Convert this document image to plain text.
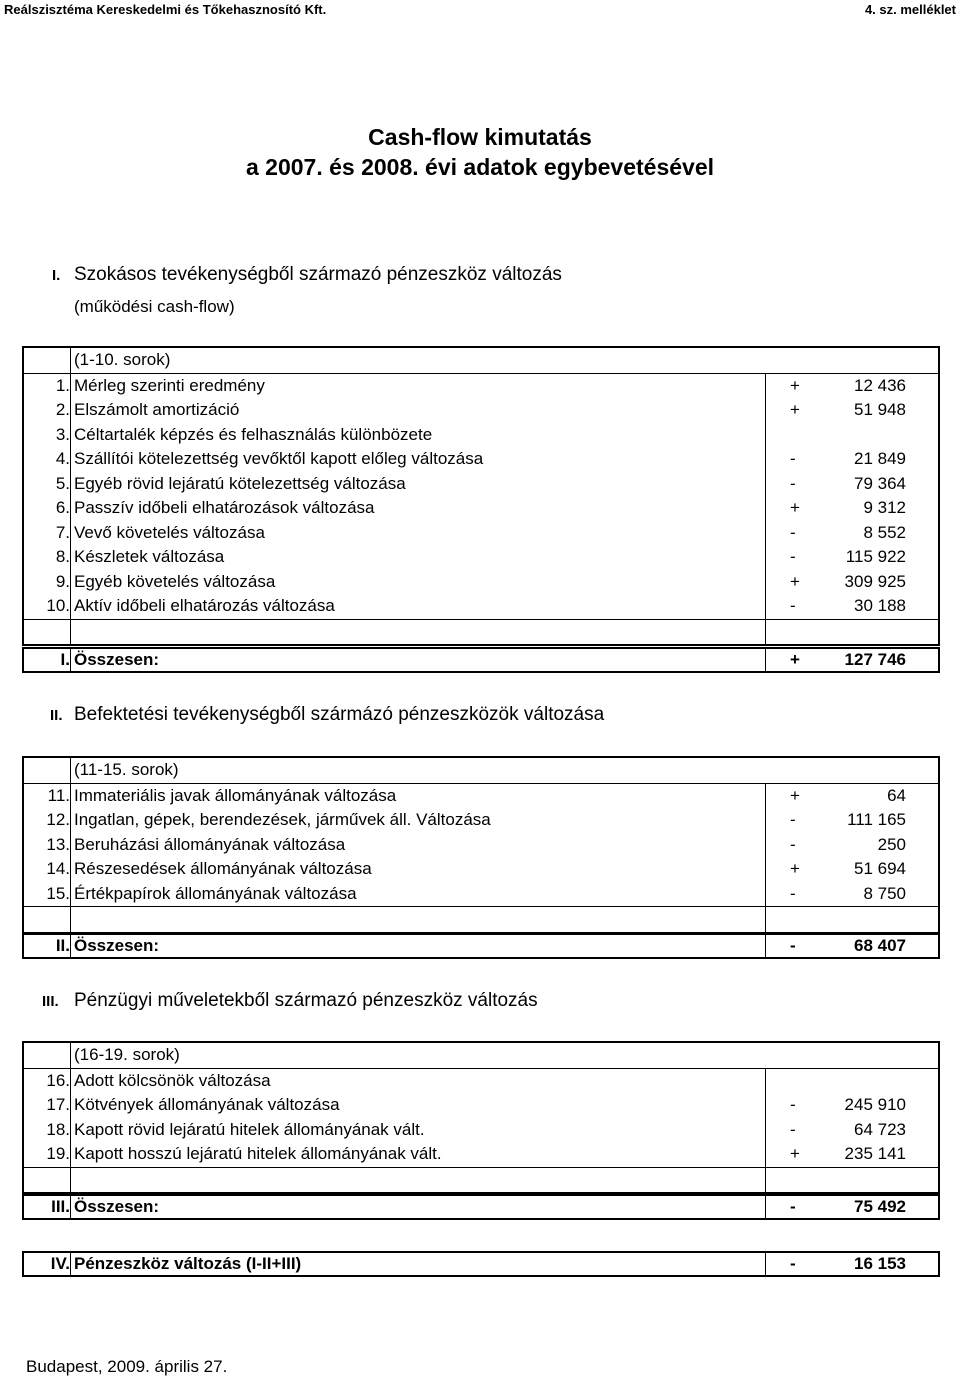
Reálszisztéma Kereskedelmi és Tőkehasznosító Kft.	4. sz. melléklet
Cash-flow kimutatás
a 2007. és 2008. évi adatok egybevetésével
I. Szokásos tevékenységből származó pénzeszköz változás
(működési cash-flow)
(1-10. sorok)
1. Mérleg szerinti eredmény	+	12 436
2. Elszámolt amortizáció	+	51 948
3. Céltartalék képzés és felhasználás különbözete
4. Szállítói kötelezettség vevőktől kapott előleg változása	-	21 849
5. Egyéb rövid lejáratú kötelezettség változása	-	79 364
6. Passzív időbeli elhatározások változása	+	9 312
7. Vevő követelés változása	-	8 552
8. Készletek változása	-	115 922
9. Egyéb követelés változása	+	309 925
10. Aktív időbeli elhatározás változása	-	30 188
I. Összesen:	+	127 746
II. Befektetési tevékenységből szármázó pénzeszközök változása
(11-15. sorok)
11. Immateriális javak állományának változása	+	64
12. Ingatlan, gépek, berendezések, járművek áll. Változása	-	111 165
13. Beruházási állományának változása	-	250
14. Részesedések állományának változása	+	51 694
15. Értékpapírok állományának változása	-	8 750
II. Összesen:	-	68 407
III. Pénzügyi műveletekből származó pénzeszköz változás
(16-19. sorok)
16. Adott kölcsönök változása
17. Kötvények állományának változása	-	245 910
18. Kapott rövid lejáratú hitelek állományának vált.	-	64 723
19. Kapott hosszú lejáratú hitelek állományának vált.	+	235 141
III. Összesen:	-	75 492
IV. Pénzeszköz változás (I-II+III)	-	16 153
Budapest, 2009. április 27.
